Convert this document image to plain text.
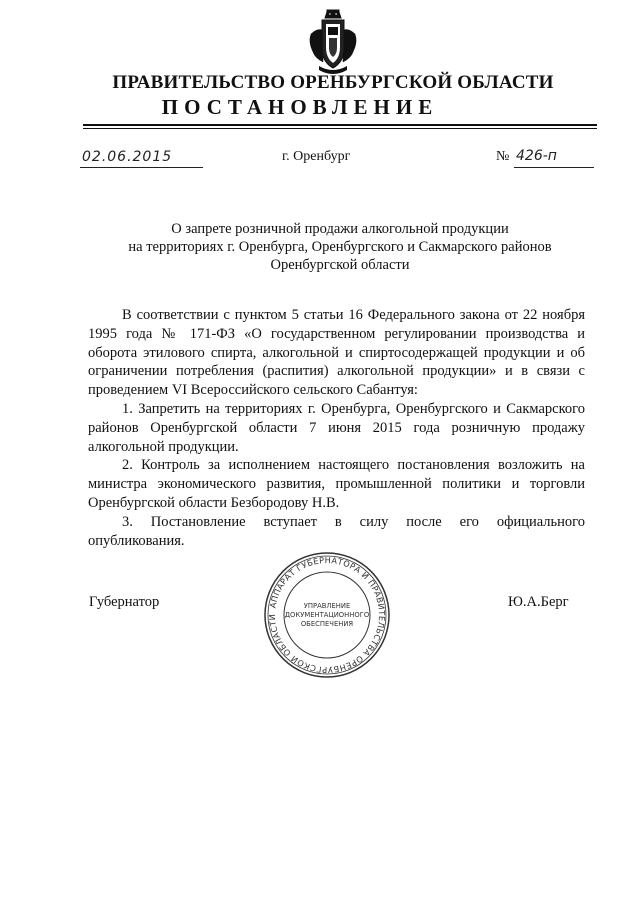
ПРАВИТЕЛЬСТВО ОРЕНБУРГСКОЙ ОБЛАСТИ
ПОСТАНОВЛЕНИЕ
02.06.2015	г. Оренбург	№ 426-п
О запрете розничной продажи алкогольной продукции
на территориях г. Оренбурга, Оренбургского и Сакмарского районов
Оренбургской области

В соответствии с пунктом 5 статьи 16 Федерального закона от 22 ноября 1995 года № 171-ФЗ «О государственном регулировании производства и оборота этилового спирта, алкогольной и спиртосодержащей продукции и об ограничении потребления (распития) алкогольной продукции» и в связи с проведением VI Всероссийского сельского Сабантуя:

1. Запретить на территориях г. Оренбурга, Оренбургского и Сакмарского районов Оренбургской области 7 июня 2015 года розничную продажу алкогольной продукции.

2. Контроль за исполнением настоящего постановления возложить на министра экономического развития, промышленной политики и торговли Оренбургской области Безбородову Н.В.

3. Постановление вступает в силу после его официального опубликования.

Губернатор	Ю.А.Берг
АППАРАТ ГУБЕРНАТОРА И ПРАВИТЕЛЬСТВА ОРЕНБУРГСКОЙ ОБЛАСТИ
УПРАВЛЕНИЕ
ДОКУМЕНТАЦИОННОГО
ОБЕСПЕЧЕНИЯ
